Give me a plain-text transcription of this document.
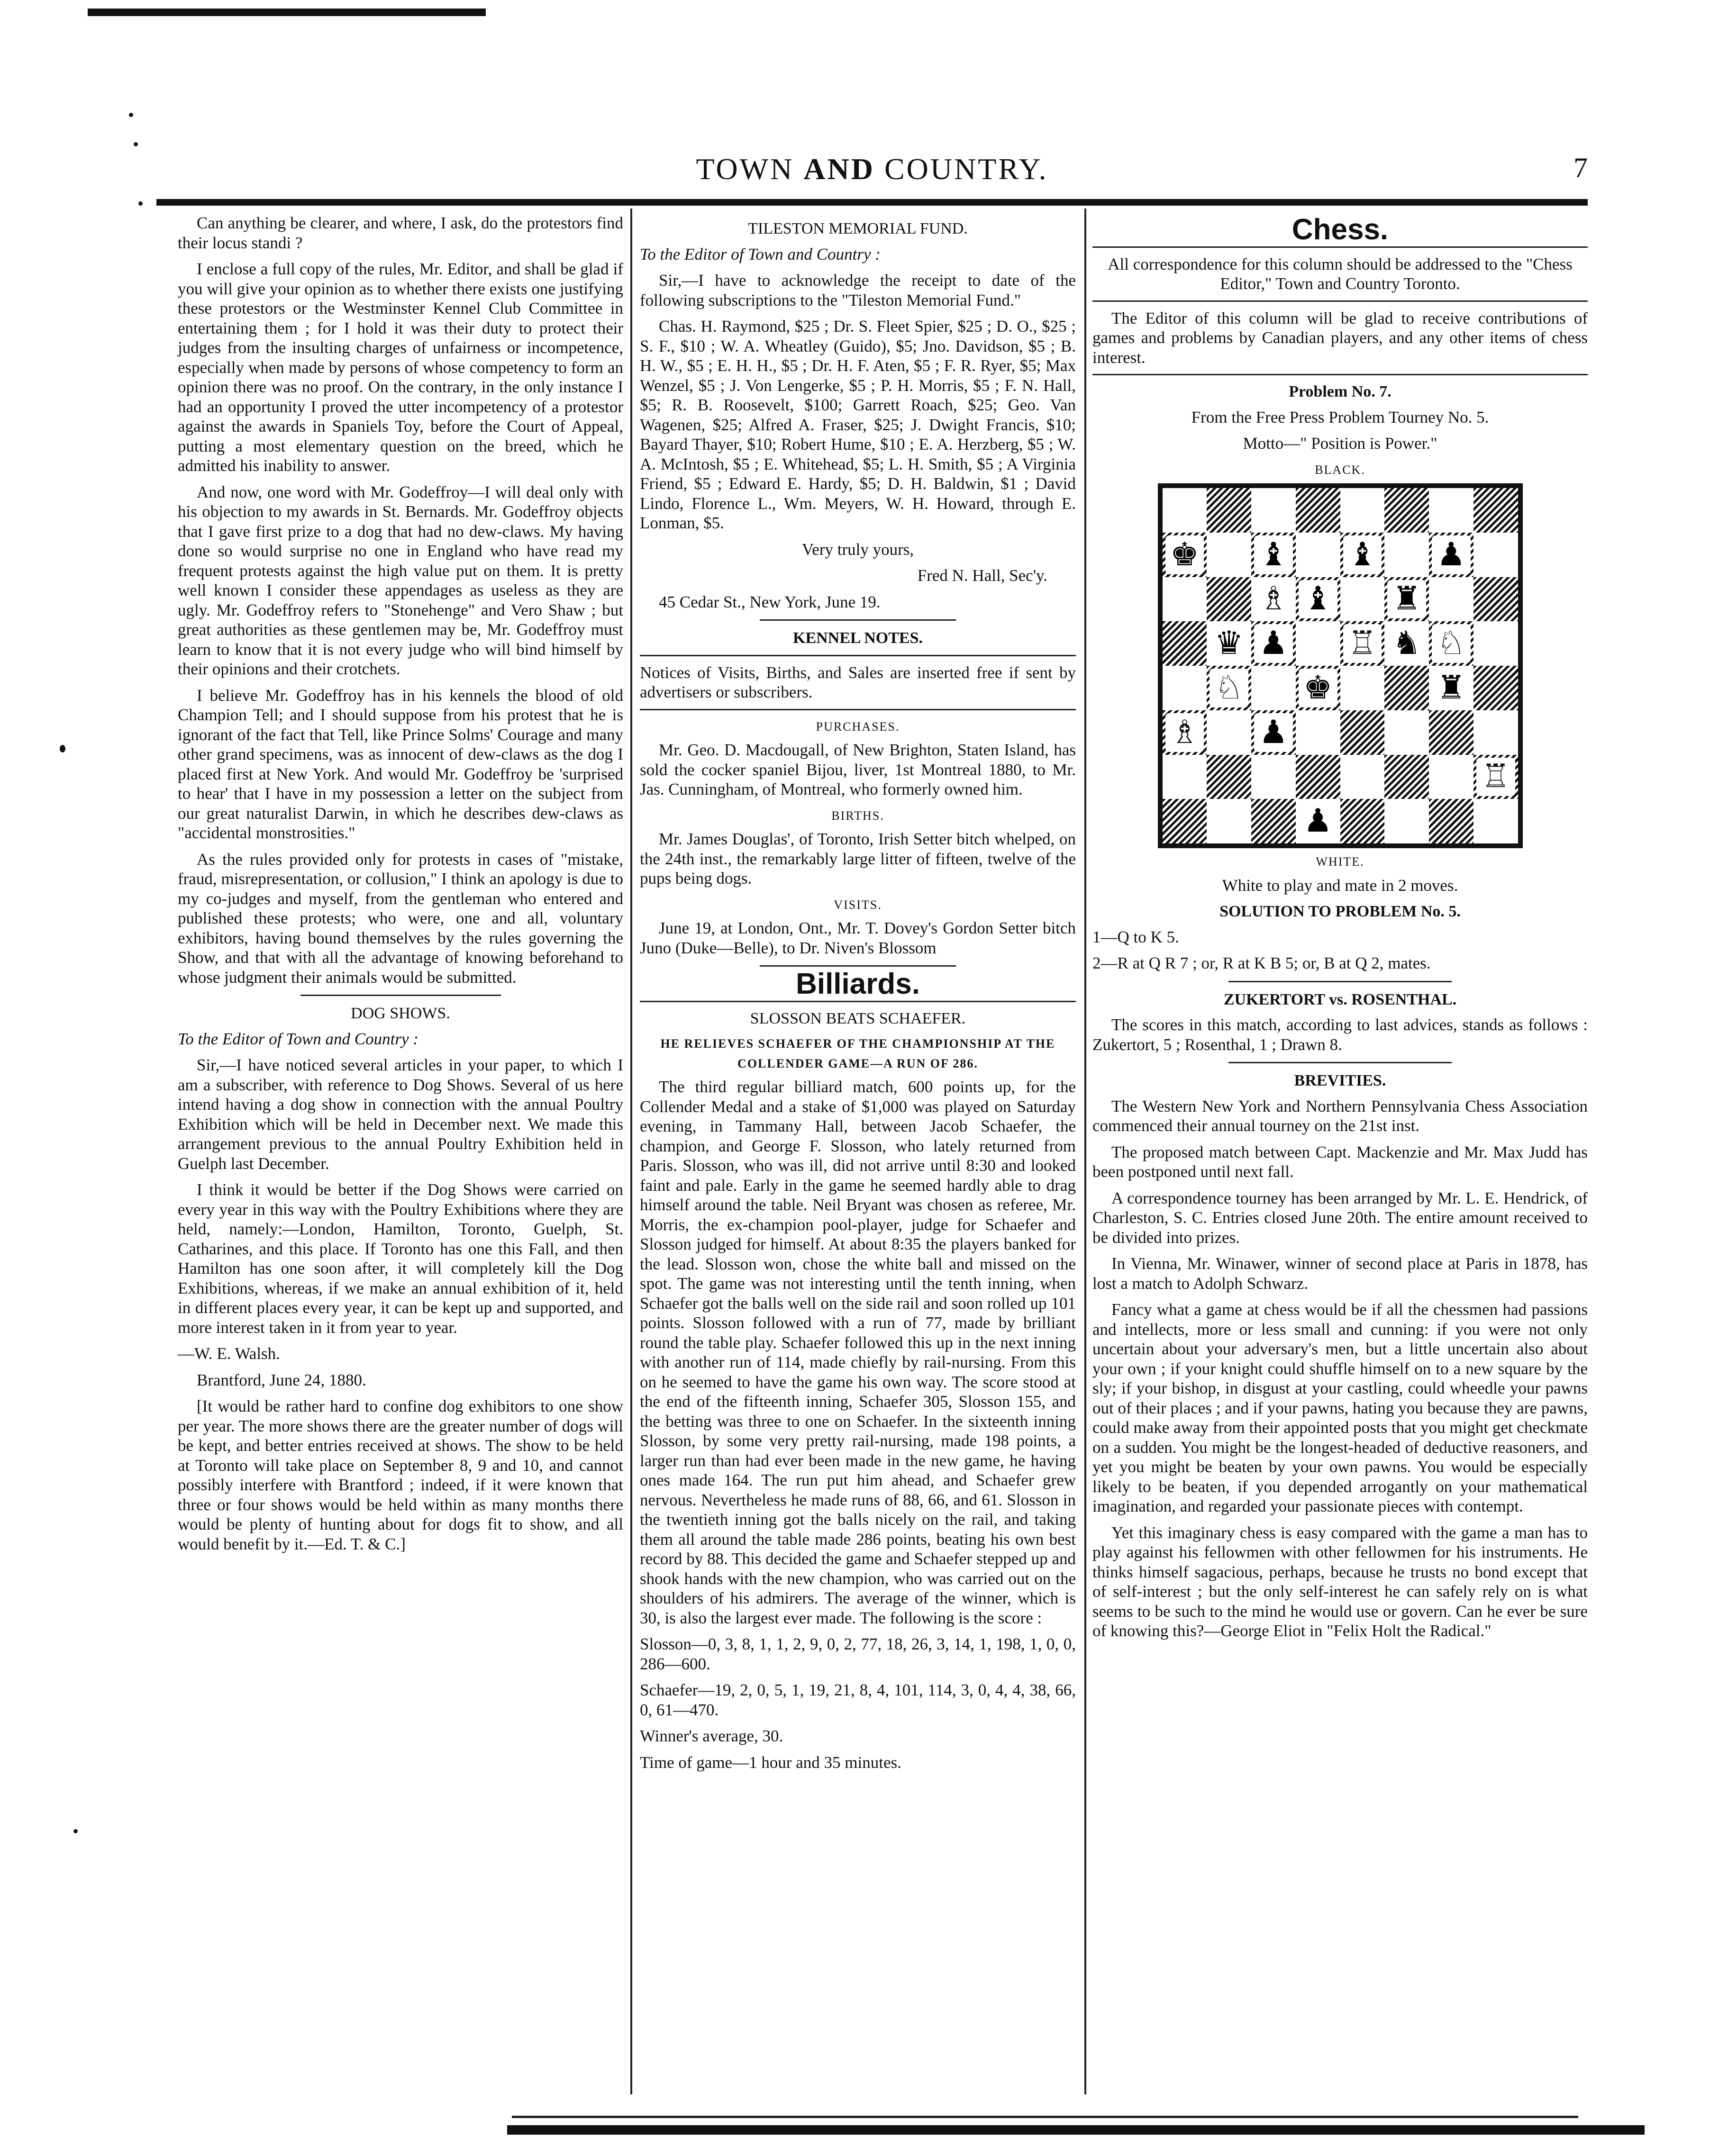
TOWN AND COUNTRY.	7

Can anything be clearer, and where, I ask, do the protestors find their locus standi ?

I enclose a full copy of the rules, Mr. Editor, and shall be glad if you will give your opinion as to whether there exists one justifying these protestors or the Westminster Kennel Club Committee in entertaining them ; for I hold it was their duty to protect their judges from the insulting charges of unfairness or incompetence, especially when made by persons of whose competency to form an opinion there was no proof. On the contrary, in the only instance I had an opportunity I proved the utter incompetency of a protestor against the awards in Spaniels Toy, before the Court of Appeal, putting a most elementary question on the breed, which he admitted his inability to answer.

And now, one word with Mr. Godeffroy—I will deal only with his objection to my awards in St. Bernards. Mr. Godeffroy objects that I gave first prize to a dog that had no dew-claws. My having done so would surprise no one in England who have read my frequent protests against the high value put on them. It is pretty well known I consider these appendages as useless as they are ugly. Mr. Godeffroy refers to "Stonehenge" and Vero Shaw ; but great authorities as these gentlemen may be, Mr. Godeffroy must learn to know that it is not every judge who will bind himself by their opinions and their crotchets.

I believe Mr. Godeffroy has in his kennels the blood of old Champion Tell; and I should suppose from his protest that he is ignorant of the fact that Tell, like Prince Solms' Courage and many other grand specimens, was as innocent of dew-claws as the dog I placed first at New York. And would Mr. Godeffroy be 'surprised to hear' that I have in my possession a letter on the subject from our great naturalist Darwin, in which he describes dew-claws as "accidental monstrosities."

As the rules provided only for protests in cases of "mistake, fraud, misrepresentation, or collusion," I think an apology is due to my co-judges and myself, from the gentleman who entered and published these protests; who were, one and all, voluntary exhibitors, having bound themselves by the rules governing the Show, and that with all the advantage of knowing beforehand to whose judgment their animals would be submitted.

DOG SHOWS.

To the Editor of Town and Country :

Sir,—I have noticed several articles in your paper, to which I am a subscriber, with reference to Dog Shows. Several of us here intend having a dog show in connection with the annual Poultry Exhibition which will be held in December next. We made this arrangement previous to the annual Poultry Exhibition held in Guelph last December.

I think it would be better if the Dog Shows were carried on every year in this way with the Poultry Exhibitions where they are held, namely:—London, Hamilton, Toronto, Guelph, St. Catharines, and this place. If Toronto has one this Fall, and then Hamilton has one soon after, it will completely kill the Dog Exhibitions, whereas, if we make an annual exhibition of it, held in different places every year, it can be kept up and supported, and more interest taken in it from year to year.

—W. E. Walsh.

Brantford, June 24, 1880.

[It would be rather hard to confine dog exhibitors to one show per year. The more shows there are the greater number of dogs will be kept, and better entries received at shows. The show to be held at Toronto will take place on September 8, 9 and 10, and cannot possibly interfere with Brantford ; indeed, if it were known that three or four shows would be held within as many months there would be plenty of hunting about for dogs fit to show, and all would benefit by it.—Ed. T. & C.]

TILESTON MEMORIAL FUND.

To the Editor of Town and Country :

Sir,—I have to acknowledge the receipt to date of the following subscriptions to the "Tileston Memorial Fund."

Chas. H. Raymond, $25 ; Dr. S. Fleet Spier, $25 ; D. O., $25 ; S. F., $10 ; W. A. Wheatley (Guido), $5; Jno. Davidson, $5 ; B. H. W., $5 ; E. H. H., $5 ; Dr. H. F. Aten, $5 ; F. R. Ryer, $5; Max Wenzel, $5 ; J. Von Lengerke, $5 ; P. H. Morris, $5 ; F. N. Hall, $5; R. B. Roosevelt, $100; Garrett Roach, $25; Geo. Van Wagenen, $25; Alfred A. Fraser, $25; J. Dwight Francis, $10; Bayard Thayer, $10; Robert Hume, $10 ; E. A. Herzberg, $5 ; W. A. McIntosh, $5 ; E. Whitehead, $5; L. H. Smith, $5 ; A Virginia Friend, $5 ; Edward E. Hardy, $5; D. H. Baldwin, $1 ; David Lindo, Florence L., Wm. Meyers, W. H. Howard, through E. Lonman, $5.

Very truly yours,

Fred N. Hall, Sec'y.

45 Cedar St., New York, June 19.

KENNEL NOTES.

Notices of Visits, Births, and Sales are inserted free if sent by advertisers or subscribers.

PURCHASES.

Mr. Geo. D. Macdougall, of New Brighton, Staten Island, has sold the cocker spaniel Bijou, liver, 1st Montreal 1880, to Mr. Jas. Cunningham, of Montreal, who formerly owned him.

BIRTHS.

Mr. James Douglas', of Toronto, Irish Setter bitch whelped, on the 24th inst., the remarkably large litter of fifteen, twelve of the pups being dogs.

VISITS.

June 19, at London, Ont., Mr. T. Dovey's Gordon Setter bitch Juno (Duke—Belle), to Dr. Niven's Blossom

Billiards.

SLOSSON BEATS SCHAEFER.

HE RELIEVES SCHAEFER OF THE CHAMPIONSHIP AT THE COLLENDER GAME—A RUN OF 286.

The third regular billiard match, 600 points up, for the Collender Medal and a stake of $1,000 was played on Saturday evening, in Tammany Hall, between Jacob Schaefer, the champion, and George F. Slosson, who lately returned from Paris. Slosson, who was ill, did not arrive until 8:30 and looked faint and pale. Early in the game he seemed hardly able to drag himself around the table. Neil Bryant was chosen as referee, Mr. Morris, the ex-champion pool-player, judge for Schaefer and Slosson judged for himself. At about 8:35 the players banked for the lead. Slosson won, chose the white ball and missed on the spot. The game was not interesting until the tenth inning, when Schaefer got the balls well on the side rail and soon rolled up 101 points. Slosson followed with a run of 77, made by brilliant round the table play. Schaefer followed this up in the next inning with another run of 114, made chiefly by rail-nursing. From this on he seemed to have the game his own way. The score stood at the end of the fifteenth inning, Schaefer 305, Slosson 155, and the betting was three to one on Schaefer. In the sixteenth inning Slosson, by some very pretty rail-nursing, made 198 points, a larger run than had ever been made in the new game, he having ones made 164. The run put him ahead, and Schaefer grew nervous. Nevertheless he made runs of 88, 66, and 61. Slosson in the twentieth inning got the balls nicely on the rail, and taking them all around the table made 286 points, beating his own best record by 88. This decided the game and Schaefer stepped up and shook hands with the new champion, who was carried out on the shoulders of his admirers. The average of the winner, which is 30, is also the largest ever made. The following is the score :

Slosson—0, 3, 8, 1, 1, 2, 9, 0, 2, 77, 18, 26, 3, 14, 1, 198, 1, 0, 0, 286—600.

Schaefer—19, 2, 0, 5, 1, 19, 21, 8, 4, 101, 114, 3, 0, 4, 4, 38, 66, 0, 61—470.

Winner's average, 30.

Time of game—1 hour and 35 minutes.

Chess.

All correspondence for this column should be addressed to the "Chess Editor," Town and Country Toronto.

The Editor of this column will be glad to receive contributions of games and problems by Canadian players, and any other items of chess interest.

Problem No. 7.

From the Free Press Problem Tourney No. 5.

Motto—" Position is Power."

BLACK.

♚ ♝ ♝ ♟
♗ ♝ ♜
♛ ♟ ♖ ♞ ♘
♘ ♚	♜
♗ ♟
♖
♟

WHITE.

White to play and mate in 2 moves.

SOLUTION TO PROBLEM No. 5.

1—Q to K 5.

2—R at Q R 7 ; or, R at K B 5; or, B at Q 2, mates.

ZUKERTORT vs. ROSENTHAL.

The scores in this match, according to last advices, stands as follows : Zukertort, 5 ; Rosenthal, 1 ; Drawn 8.

BREVITIES.

The Western New York and Northern Pennsylvania Chess Association commenced their annual tourney on the 21st inst.

The proposed match between Capt. Mackenzie and Mr. Max Judd has been postponed until next fall.

A correspondence tourney has been arranged by Mr. L. E. Hendrick, of Charleston, S. C. Entries closed June 20th. The entire amount received to be divided into prizes.

In Vienna, Mr. Winawer, winner of second place at Paris in 1878, has lost a match to Adolph Schwarz.

Fancy what a game at chess would be if all the chessmen had passions and intellects, more or less small and cunning: if you were not only uncertain about your adversary's men, but a little uncertain also about your own ; if your knight could shuffle himself on to a new square by the sly; if your bishop, in disgust at your castling, could wheedle your pawns out of their places ; and if your pawns, hating you because they are pawns, could make away from their appointed posts that you might get checkmate on a sudden. You might be the longest-headed of deductive reasoners, and yet you might be beaten by your own pawns. You would be especially likely to be beaten, if you depended arrogantly on your mathematical imagination, and regarded your passionate pieces with contempt.

Yet this imaginary chess is easy compared with the game a man has to play against his fellowmen with other fellowmen for his instruments. He thinks himself sagacious, perhaps, because he trusts no bond except that of self-interest ; but the only self-interest he can safely rely on is what seems to be such to the mind he would use or govern. Can he ever be sure of knowing this?—George Eliot in "Felix Holt the Radical."
